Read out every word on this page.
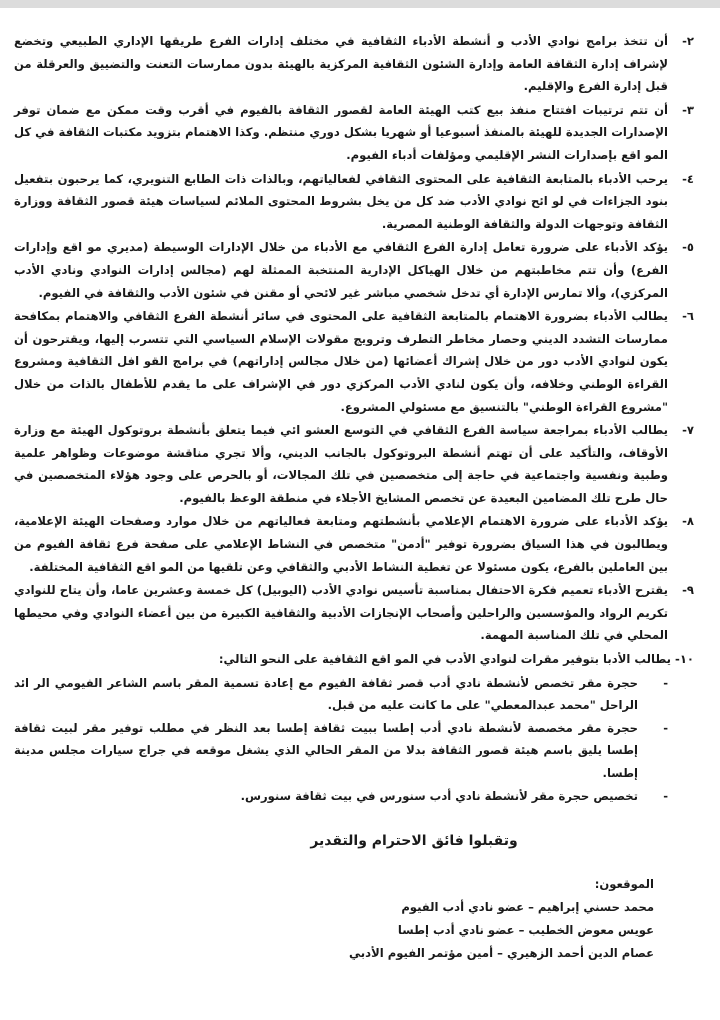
٢-
أن تتخذ برامج نوادي الأدب و أنشطة الأدباء الثقافية في مختلف إدارات الفرع طريقها الإداري الطبيعي وتخضع لإشراف إدارة الثقافة العامة وإدارة الشئون الثقافية المركزية بالهيئة بدون ممارسات التعنت والتضييق والعرقلة من قبل إدارة الفرع والإقليم.
٣-
أن تتم ترتيبات افتتاح منفذ بيع كتب الهيئة العامة لقصور الثقافة بالفيوم في أقرب وقت ممكن مع ضمان توفر الإصدارات الجديدة للهيئة بالمنفذ أسبوعيا أو شهريا بشكل دوري منتظم. وكذا الاهتمام بتزويد مكتبات الثقافة في كل المو اقع بإصدارات النشر الإقليمي ومؤلفات أدباء الفيوم.
٤-
يرحب الأدباء بالمتابعة الثقافية على المحتوى الثقافي لفعالياتهم، وبالذات ذات الطابع التنويري، كما يرحبون بتفعيل بنود الجزاءات في لو ائح نوادي الأدب ضد كل من يخل بشروط المحتوى الملائم لسياسات هيئة قصور الثقافة ووزارة الثقافة وتوجهات الدولة والثقافة الوطنية المصرية.
٥-
يؤكد الأدباء على ضرورة تعامل إدارة الفرع الثقافي مع الأدباء من خلال الإدارات الوسيطة (مديري مو اقع وإدارات الفرع) وأن تتم مخاطبتهم من خلال الهياكل الإدارية المنتخبة الممثلة لهم (مجالس إدارات النوادي ونادي الأدب المركزي)، وألا تمارس الإدارة أي تدخل شخصي مباشر غير لائحي أو مقنن في شئون الأدب والثقافة في الفيوم.
٦-
يطالب الأدباء بضرورة الاهتمام بالمتابعة الثقافية على المحتوى في سائر أنشطة الفرع الثقافي والاهتمام بمكافحة ممارسات التشدد الديني وحصار مخاطر التطرف وترويج مقولات الإسلام السياسي التي تتسرب إليها، ويقترحون أن يكون لنوادي الأدب دور من خلال إشراك أعضائها (من خلال مجالس إداراتهم) في برامج القو افل الثقافية ومشروع القراءة الوطني وخلافه، وأن يكون لنادي الأدب المركزي دور في الإشراف على ما يقدم للأطفال بالذات من خلال "مشروع القراءة الوطني" بالتنسيق مع مسئولي المشروع.
٧-
يطالب الأدباء بمراجعة سياسة الفرع الثقافي في التوسع العشو ائي فيما يتعلق بأنشطة بروتوكول الهيئة مع وزارة الأوقاف، والتأكيد على أن تهتم أنشطة البروتوكول بالجانب الديني، وألا تجري مناقشة موضوعات وظواهر علمية وطبية ونفسية واجتماعية في حاجة إلى متخصصين في تلك المجالات، أو بالحرص على وجود هؤلاء المتخصصين في حال طرح تلك المضامين البعيدة عن تخصص المشايخ الأجلاء في منطقة الوعظ بالفيوم.
٨-
يؤكد الأدباء على ضرورة الاهتمام الإعلامي بأنشطتهم ومتابعة فعالياتهم من خلال موارد وصفحات الهيئة الإعلامية، ويطالبون في هذا السياق بضرورة توفير "أدمن" متخصص في النشاط الإعلامي على صفحة فرع ثقافة الفيوم من بين العاملين بالفرع، يكون مسئولا عن تغطية النشاط الأدبي والثقافي وعن تلقيها من المو اقع الثقافية المختلفة.
٩-
يقترح الأدباء تعميم فكرة الاحتفال بمناسبة تأسيس نوادي الأدب (اليوبيل) كل خمسة وعشرين عاما، وأن يتاح للنوادي تكريم الرواد والمؤسسين والراحلين وأصحاب الإنجازات الأدبية والثقافية الكبيرة من بين أعضاء النوادي وفي محيطها المحلي في تلك المناسبة المهمة.
١٠- يطالب الأدبا بتوفير مقرات لنوادي الأدب في المو اقع الثقافية على النحو التالي:
-
حجرة مقر تخصص لأنشطة نادي أدب قصر ثقافة الفيوم مع إعادة تسمية المقر باسم الشاعر الفيومي الر ائد الراحل "محمد عبدالمعطي" على ما كانت عليه من قبل.
-
حجرة مقر مخصصة لأنشطة نادي أدب إطسا ببيت ثقافة إطسا بعد النظر في مطلب توفير مقر لبيت ثقافة إطسا يليق باسم هيئة قصور الثقافة بدلا من المقر الحالي الذي يشغل موقعه في جراج سيارات مجلس مدينة إطسا.
-
تخصيص حجرة مقر لأنشطة نادي أدب سنورس في بيت ثقافة سنورس.
وتقبلوا فائق الاحترام والتقدير
الموقعون:
محمد حسني إبراهيم – عضو نادي أدب الفيوم
عويس معوض الخطيب – عضو نادي أدب إطسا
عصام الدين أحمد الزهيري – أمين مؤتمر الفيوم الأدبي
